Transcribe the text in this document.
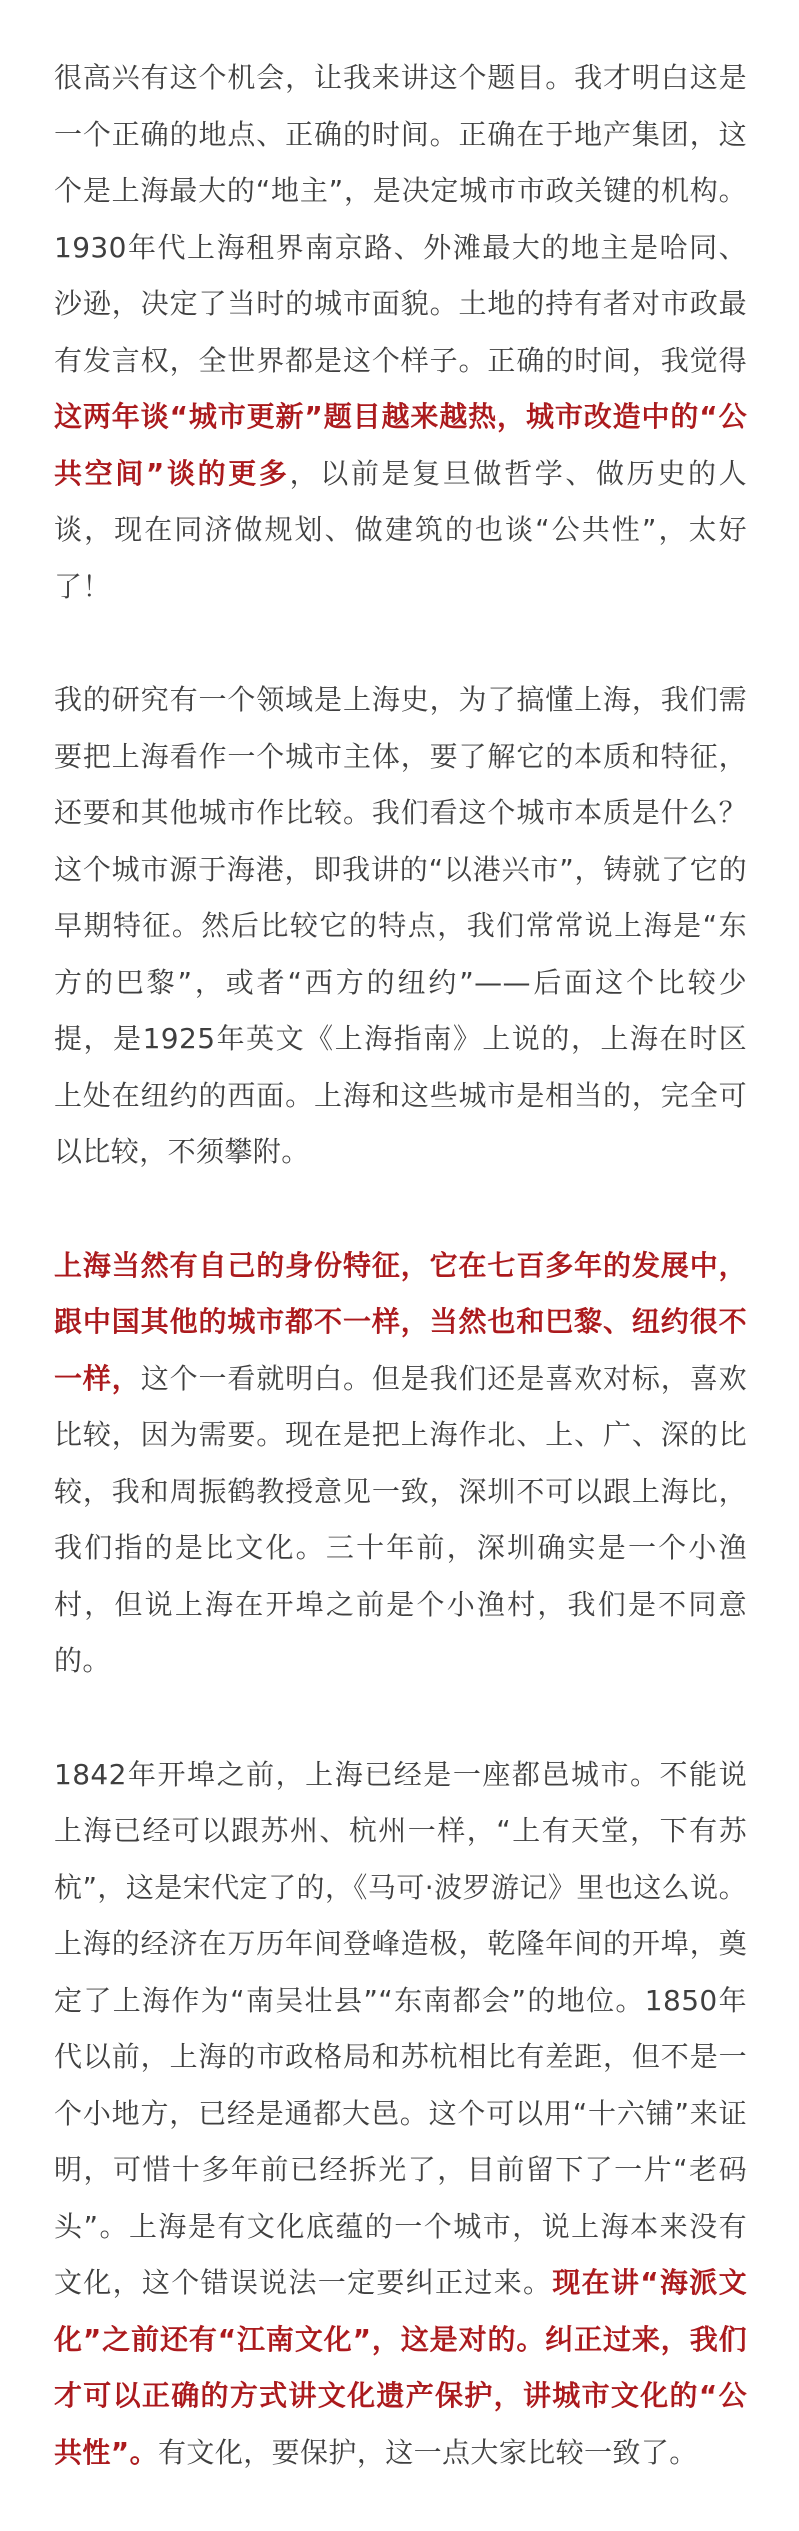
很高兴有这个机会，让我来讲这个题目。我才明白这是一个正确的地点、正确的时间。正确在于地产集团，这个是上海最大的“地主”，是决定城市市政关键的机构。1930年代上海租界南京路、外滩最大的地主是哈同、沙逊，决定了当时的城市面貌。土地的持有者对市政最有发言权，全世界都是这个样子。正确的时间，我觉得这两年谈“城市更新”题目越来越热，城市改造中的“公共空间”谈的更多，以前是复旦做哲学、做历史的人谈，现在同济做规划、做建筑的也谈“公共性”，太好了！

我的研究有一个领域是上海史，为了搞懂上海，我们需要把上海看作一个城市主体，要了解它的本质和特征，还要和其他城市作比较。我们看这个城市本质是什么？这个城市源于海港，即我讲的“以港兴市”，铸就了它的早期特征。然后比较它的特点，我们常常说上海是“东方的巴黎”，或者“西方的纽约”——后面这个比较少提，是1925年英文《上海指南》上说的，上海在时区上处在纽约的西面。上海和这些城市是相当的，完全可以比较，不须攀附。

上海当然有自己的身份特征，它在七百多年的发展中，跟中国其他的城市都不一样，当然也和巴黎、纽约很不一样，这个一看就明白。但是我们还是喜欢对标，喜欢比较，因为需要。现在是把上海作北、上、广、深的比较，我和周振鹤教授意见一致，深圳不可以跟上海比，我们指的是比文化。三十年前，深圳确实是一个小渔村，但说上海在开埠之前是个小渔村，我们是不同意的。

1842年开埠之前，上海已经是一座都邑城市。不能说上海已经可以跟苏州、杭州一样，“上有天堂，下有苏杭”，这是宋代定了的，《马可·波罗游记》里也这么说。上海的经济在万历年间登峰造极，乾隆年间的开埠，奠定了上海作为“南吴壮县”“东南都会”的地位。1850年代以前，上海的市政格局和苏杭相比有差距，但不是一个小地方，已经是通都大邑。这个可以用“十六铺”来证明，可惜十多年前已经拆光了，目前留下了一片“老码头”。上海是有文化底蕴的一个城市，说上海本来没有文化，这个错误说法一定要纠正过来。现在讲“海派文化”之前还有“江南文化”，这是对的。纠正过来，我们才可以正确的方式讲文化遗产保护，讲城市文化的“公共性”。有文化，要保护，这一点大家比较一致了。
